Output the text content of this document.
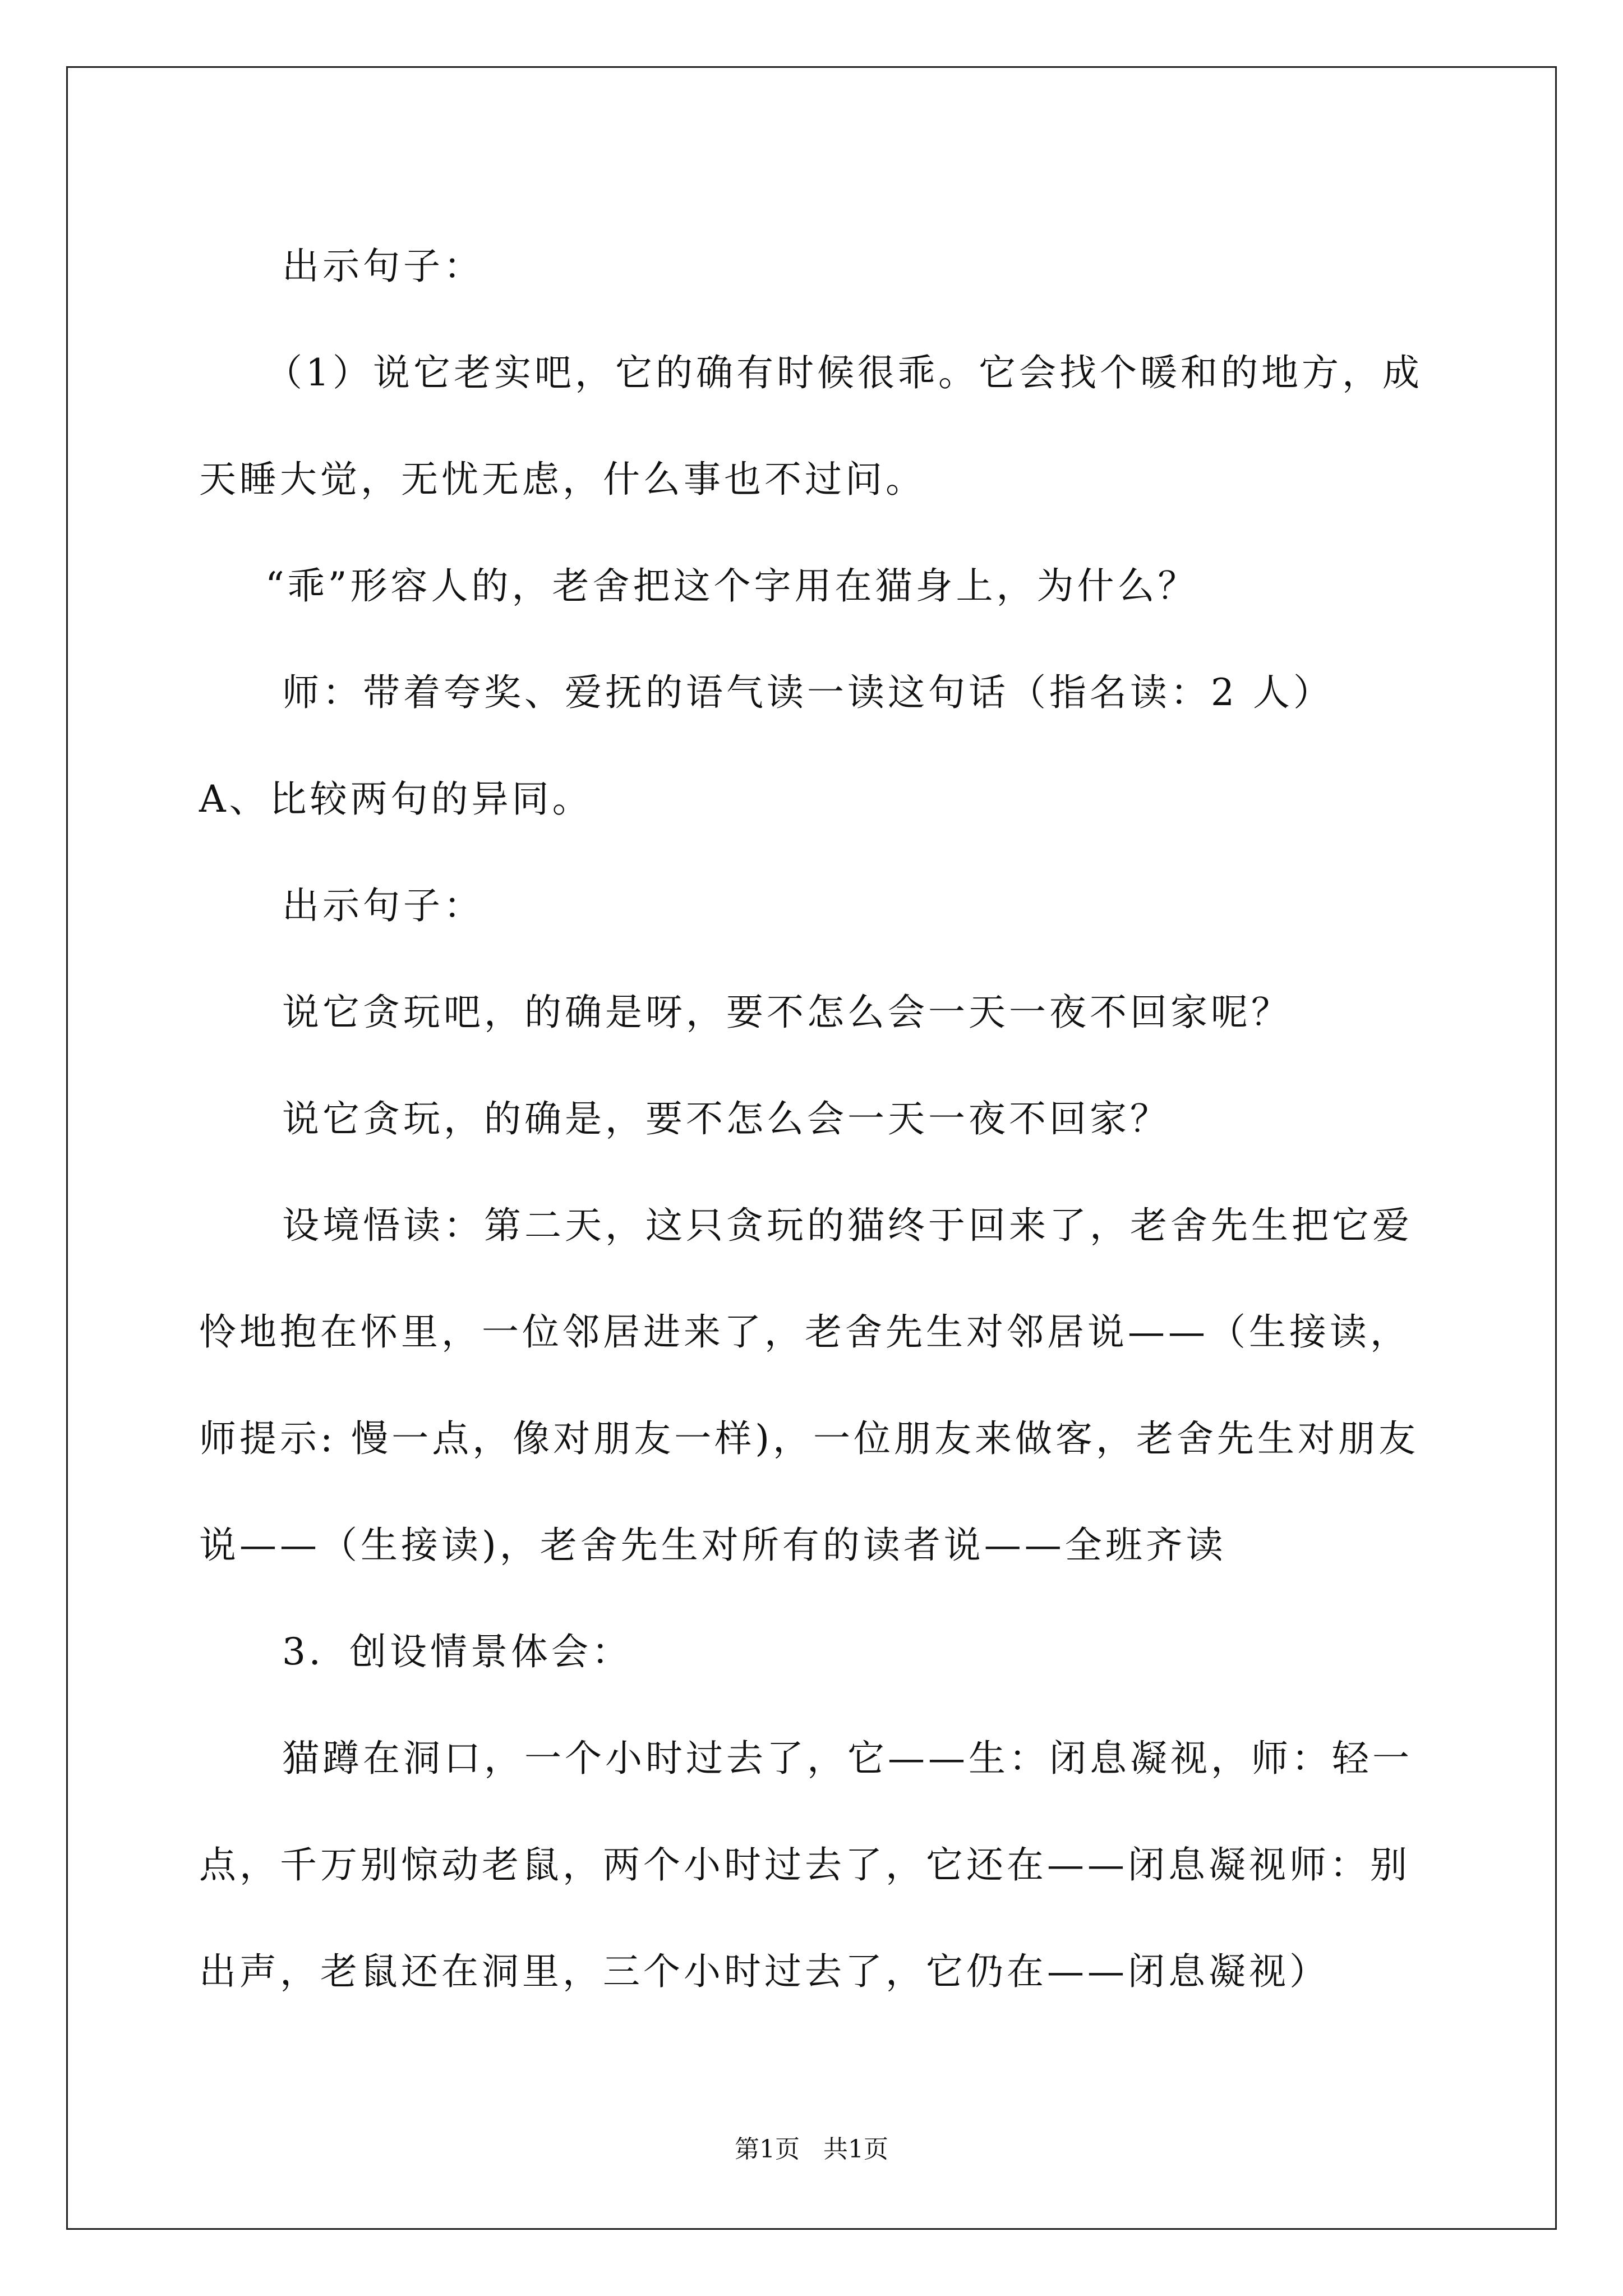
出示句子：

（1）说它老实吧，它的确有时候很乖。它会找个暖和的地方，成天睡大觉，无忧无虑，什么事也不过问。

“乖”形容人的，老舍把这个字用在猫身上，为什么？

师：带着夸奖、爱抚的语气读一读这句话（指名读：2 人）

A、比较两句的异同。

出示句子：

说它贪玩吧，的确是呀，要不怎么会一天一夜不回家呢？

说它贪玩，的确是，要不怎么会一天一夜不回家？

设境悟读：第二天，这只贪玩的猫终于回来了，老舍先生把它爱怜地抱在怀里，一位邻居进来了，老舍先生对邻居说——（生接读，师提示: 慢一点，像对朋友一样)，一位朋友来做客，老舍先生对朋友说——（生接读)，老舍先生对所有的读者说——全班齐读

3．创设情景体会：

猫蹲在洞口，一个小时过去了，它——生：闭息凝视，师：轻一点，千万别惊动老鼠，两个小时过去了，它还在——闭息凝视师：别出声，老鼠还在洞里，三个小时过去了，它仍在——闭息凝视）

第1页   共1页
